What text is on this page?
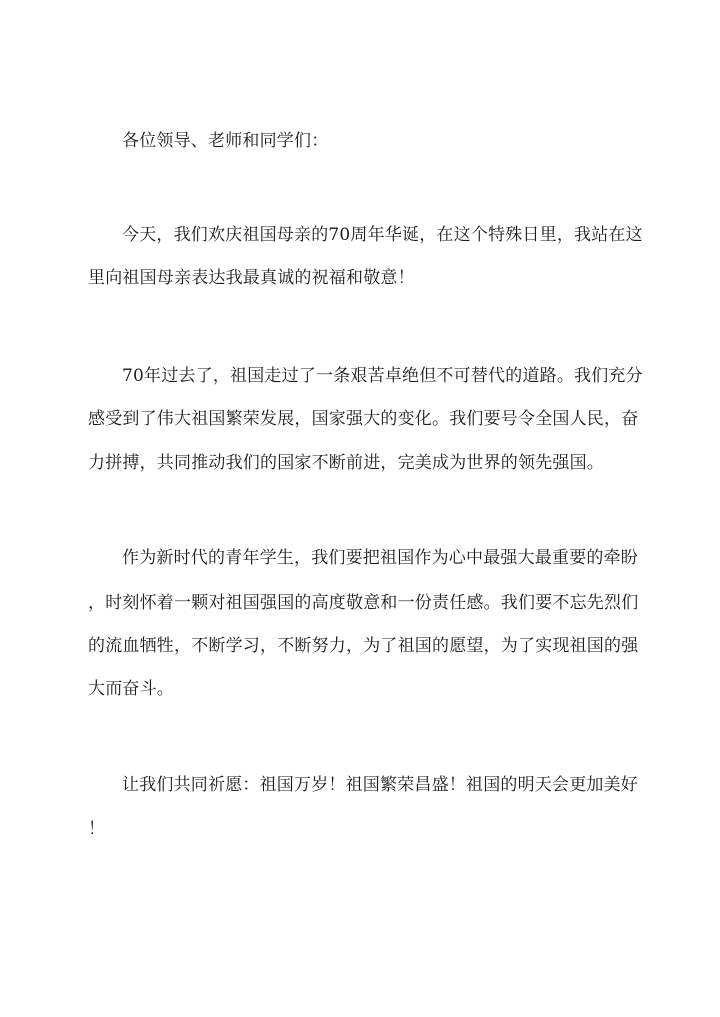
各位领导、老师和同学们：
今天，我们欢庆祖国母亲的70周年华诞，在这个特殊日里，我站在这
里向祖国母亲表达我最真诚的祝福和敬意！
70年过去了，祖国走过了一条艰苦卓绝但不可替代的道路。我们充分
感受到了伟大祖国繁荣发展，国家强大的变化。我们要号令全国人民，奋
力拼搏，共同推动我们的国家不断前进，完美成为世界的领先强国。
作为新时代的青年学生，我们要把祖国作为心中最强大最重要的牵盼
，时刻怀着一颗对祖国强国的高度敬意和一份责任感。我们要不忘先烈们
的流血牺牲，不断学习，不断努力，为了祖国的愿望，为了实现祖国的强
大而奋斗。
让我们共同祈愿：祖国万岁！祖国繁荣昌盛！祖国的明天会更加美好
！
